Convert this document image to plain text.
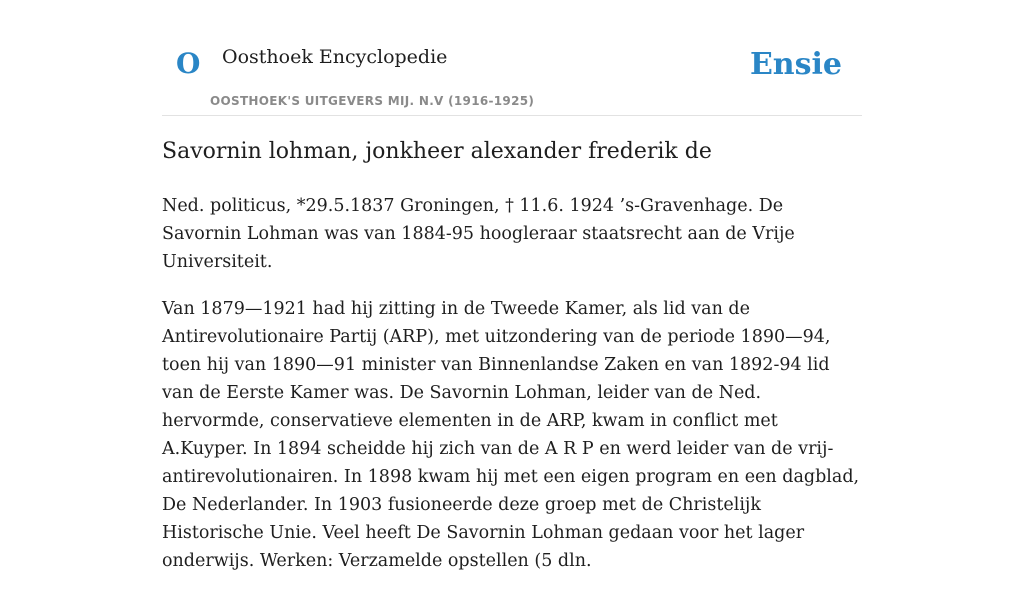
O Oosthoek Encyclopedie
OOSTHOEK'S UITGEVERS MIJ. N.V (1916-1925)
Ensie
Savornin lohman, jonkheer alexander frederik de

Ned. politicus, *29.5.1837 Groningen, † 11.6. 1924 ’s-Gravenhage. De Savornin Lohman was van 1884-95 hoogleraar staatsrecht aan de Vrije Universiteit.

Van 1879—1921 had hij zitting in de Tweede Kamer, als lid van de Antirevolutionaire Partij (ARP), met uitzondering van de periode 1890—94, toen hij van 1890—91 minister van Binnenlandse Zaken en van 1892-94 lid van de Eerste Kamer was. De Savornin Lohman, leider van de Ned. hervormde, conservatieve elementen in de ARP, kwam in conflict met A.Kuyper. In 1894 scheidde hij zich van de A R P en werd leider van de vrij-antirevolutionairen. In 1898 kwam hij met een eigen program en een dagblad, De Nederlander. In 1903 fusioneerde deze groep met de Christelijk Historische Unie. Veel heeft De Savornin Lohman gedaan voor het lager onderwijs. Werken: Verzamelde opstellen (5 dln.
